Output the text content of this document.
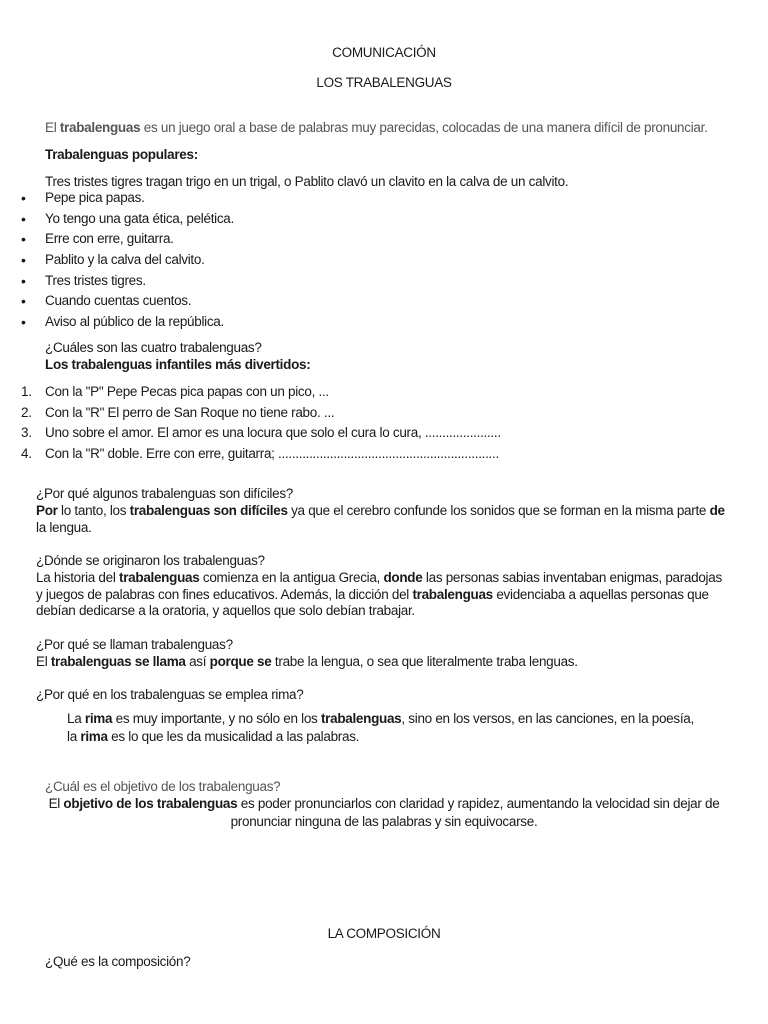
COMUNICACIÓN
LOS TRABALENGUAS
El trabalenguas es un juego oral a base de palabras muy parecidas, colocadas de una manera difícil de pronunciar.
Trabalenguas populares:
Tres tristes tigres tragan trigo en un trigal, o Pablito clavó un clavito en la calva de un calvito.
• Pepe pica papas.
• Yo tengo una gata ética, pelética.
• Erre con erre, guitarra.
• Pablito y la calva del calvito.
• Tres tristes tigres.
• Cuando cuentas cuentos.
• Aviso al público de la república.
¿Cuáles son las cuatro trabalenguas?
Los trabalenguas infantiles más divertidos:
1. Con la "P" Pepe Pecas pica papas con un pico, ...
2. Con la "R" El perro de San Roque no tiene rabo. ...
3. Uno sobre el amor. El amor es una locura que solo el cura lo cura, ......................
4. Con la "R" doble. Erre con erre, guitarra; ................................................................
¿Por qué algunos trabalenguas son difíciles?
Por lo tanto, los trabalenguas son difíciles ya que el cerebro confunde los sonidos que se forman en la misma parte de la lengua.
¿Dónde se originaron los trabalenguas?
La historia del trabalenguas comienza en la antigua Grecia, donde las personas sabias inventaban enigmas, paradojas y juegos de palabras con fines educativos. Además, la dicción del trabalenguas evidenciaba a aquellas personas que debían dedicarse a la oratoria, y aquellos que solo debían trabajar.
¿Por qué se llaman trabalenguas?
El trabalenguas se llama así porque se trabe la lengua, o sea que literalmente traba lenguas.
¿Por qué en los trabalenguas se emplea rima?
La rima es muy importante, y no sólo en los trabalenguas, sino en los versos, en las canciones, en la poesía,
la rima es lo que les da musicalidad a las palabras.
¿Cuál es el objetivo de los trabalenguas?
El objetivo de los trabalenguas es poder pronunciarlos con claridad y rapidez, aumentando la velocidad sin dejar de pronunciar ninguna de las palabras y sin equivocarse.
LA COMPOSICIÓN
¿Qué es la composición?
